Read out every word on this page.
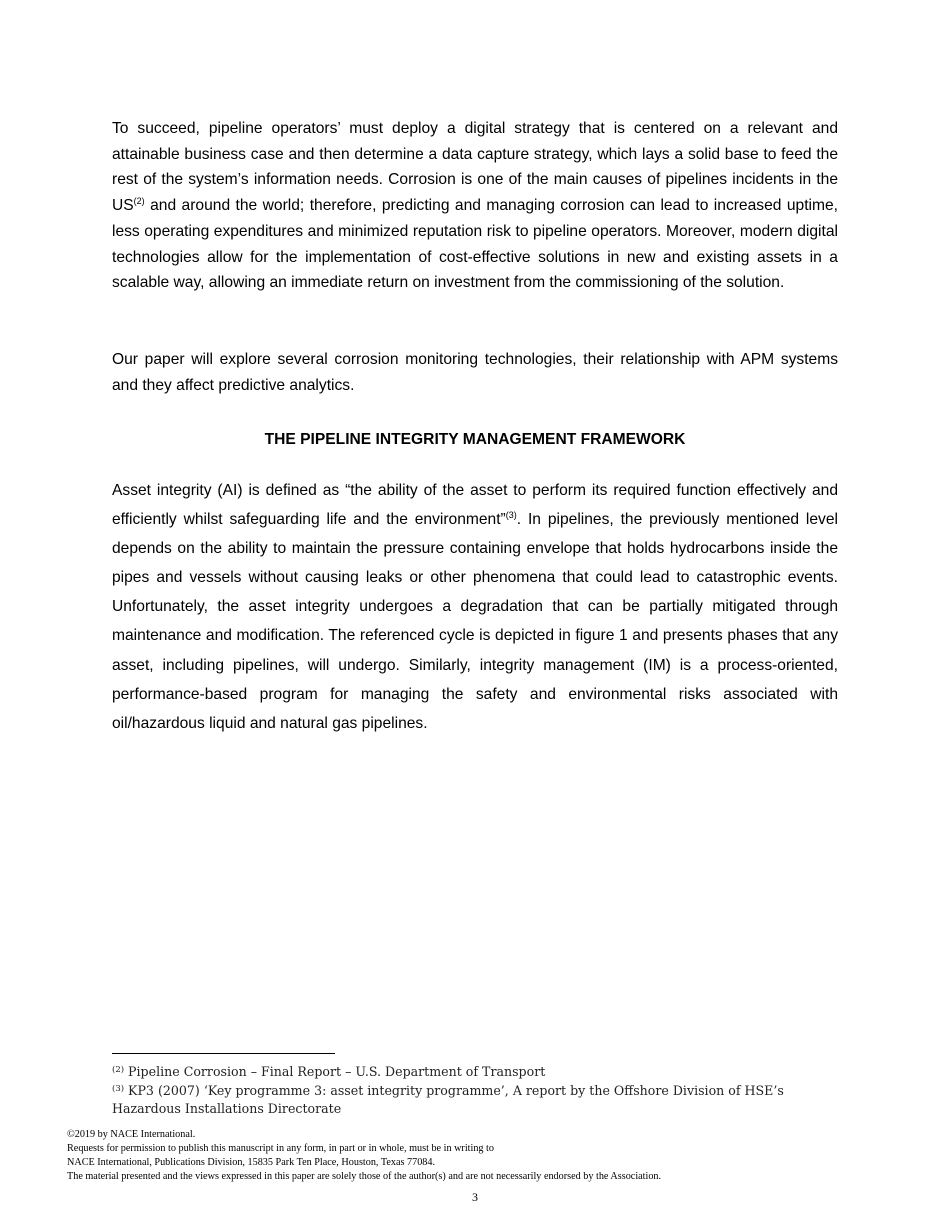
To succeed, pipeline operators’ must deploy a digital strategy that is centered on a relevant and attainable business case and then determine a data capture strategy, which lays a solid base to feed the rest of the system’s information needs. Corrosion is one of the main causes of pipelines incidents in the US$^{(2)}$ and around the world; therefore, predicting and managing corrosion can lead to increased uptime, less operating expenditures and minimized reputation risk to pipeline operators. Moreover, modern digital technologies allow for the implementation of cost-effective solutions in new and existing assets in a scalable way, allowing an immediate return on investment from the commissioning of the solution.

Our paper will explore several corrosion monitoring technologies, their relationship with APM systems and they affect predictive analytics.

THE PIPELINE INTEGRITY MANAGEMENT FRAMEWORK

Asset integrity (AI) is defined as “the ability of the asset to perform its required function effectively and efficiently whilst safeguarding life and the environment”$^{(3)}$. In pipelines, the previously mentioned level depends on the ability to maintain the pressure containing envelope that holds hydrocarbons inside the pipes and vessels without causing leaks or other phenomena that could lead to catastrophic events. Unfortunately, the asset integrity undergoes a degradation that can be partially mitigated through maintenance and modification. The referenced cycle is depicted in figure 1 and presents phases that any asset, including pipelines, will undergo. Similarly, integrity management (IM) is a process-oriented, performance-based program for managing the safety and environmental risks associated with oil/hazardous liquid and natural gas pipelines.

$^{(2)}$ Pipeline Corrosion – Final Report – U.S. Department of Transport
$^{(3)}$ KP3 (2007) ‘Key programme 3: asset integrity programme’, A report by the Offshore Division of HSE’s Hazardous Installations Directorate
©2019 by NACE International.
Requests for permission to publish this manuscript in any form, in part or in whole, must be in writing to
NACE International, Publications Division, 15835 Park Ten Place, Houston, Texas 77084.
The material presented and the views expressed in this paper are solely those of the author(s) and are not necessarily endorsed by the Association.
3
